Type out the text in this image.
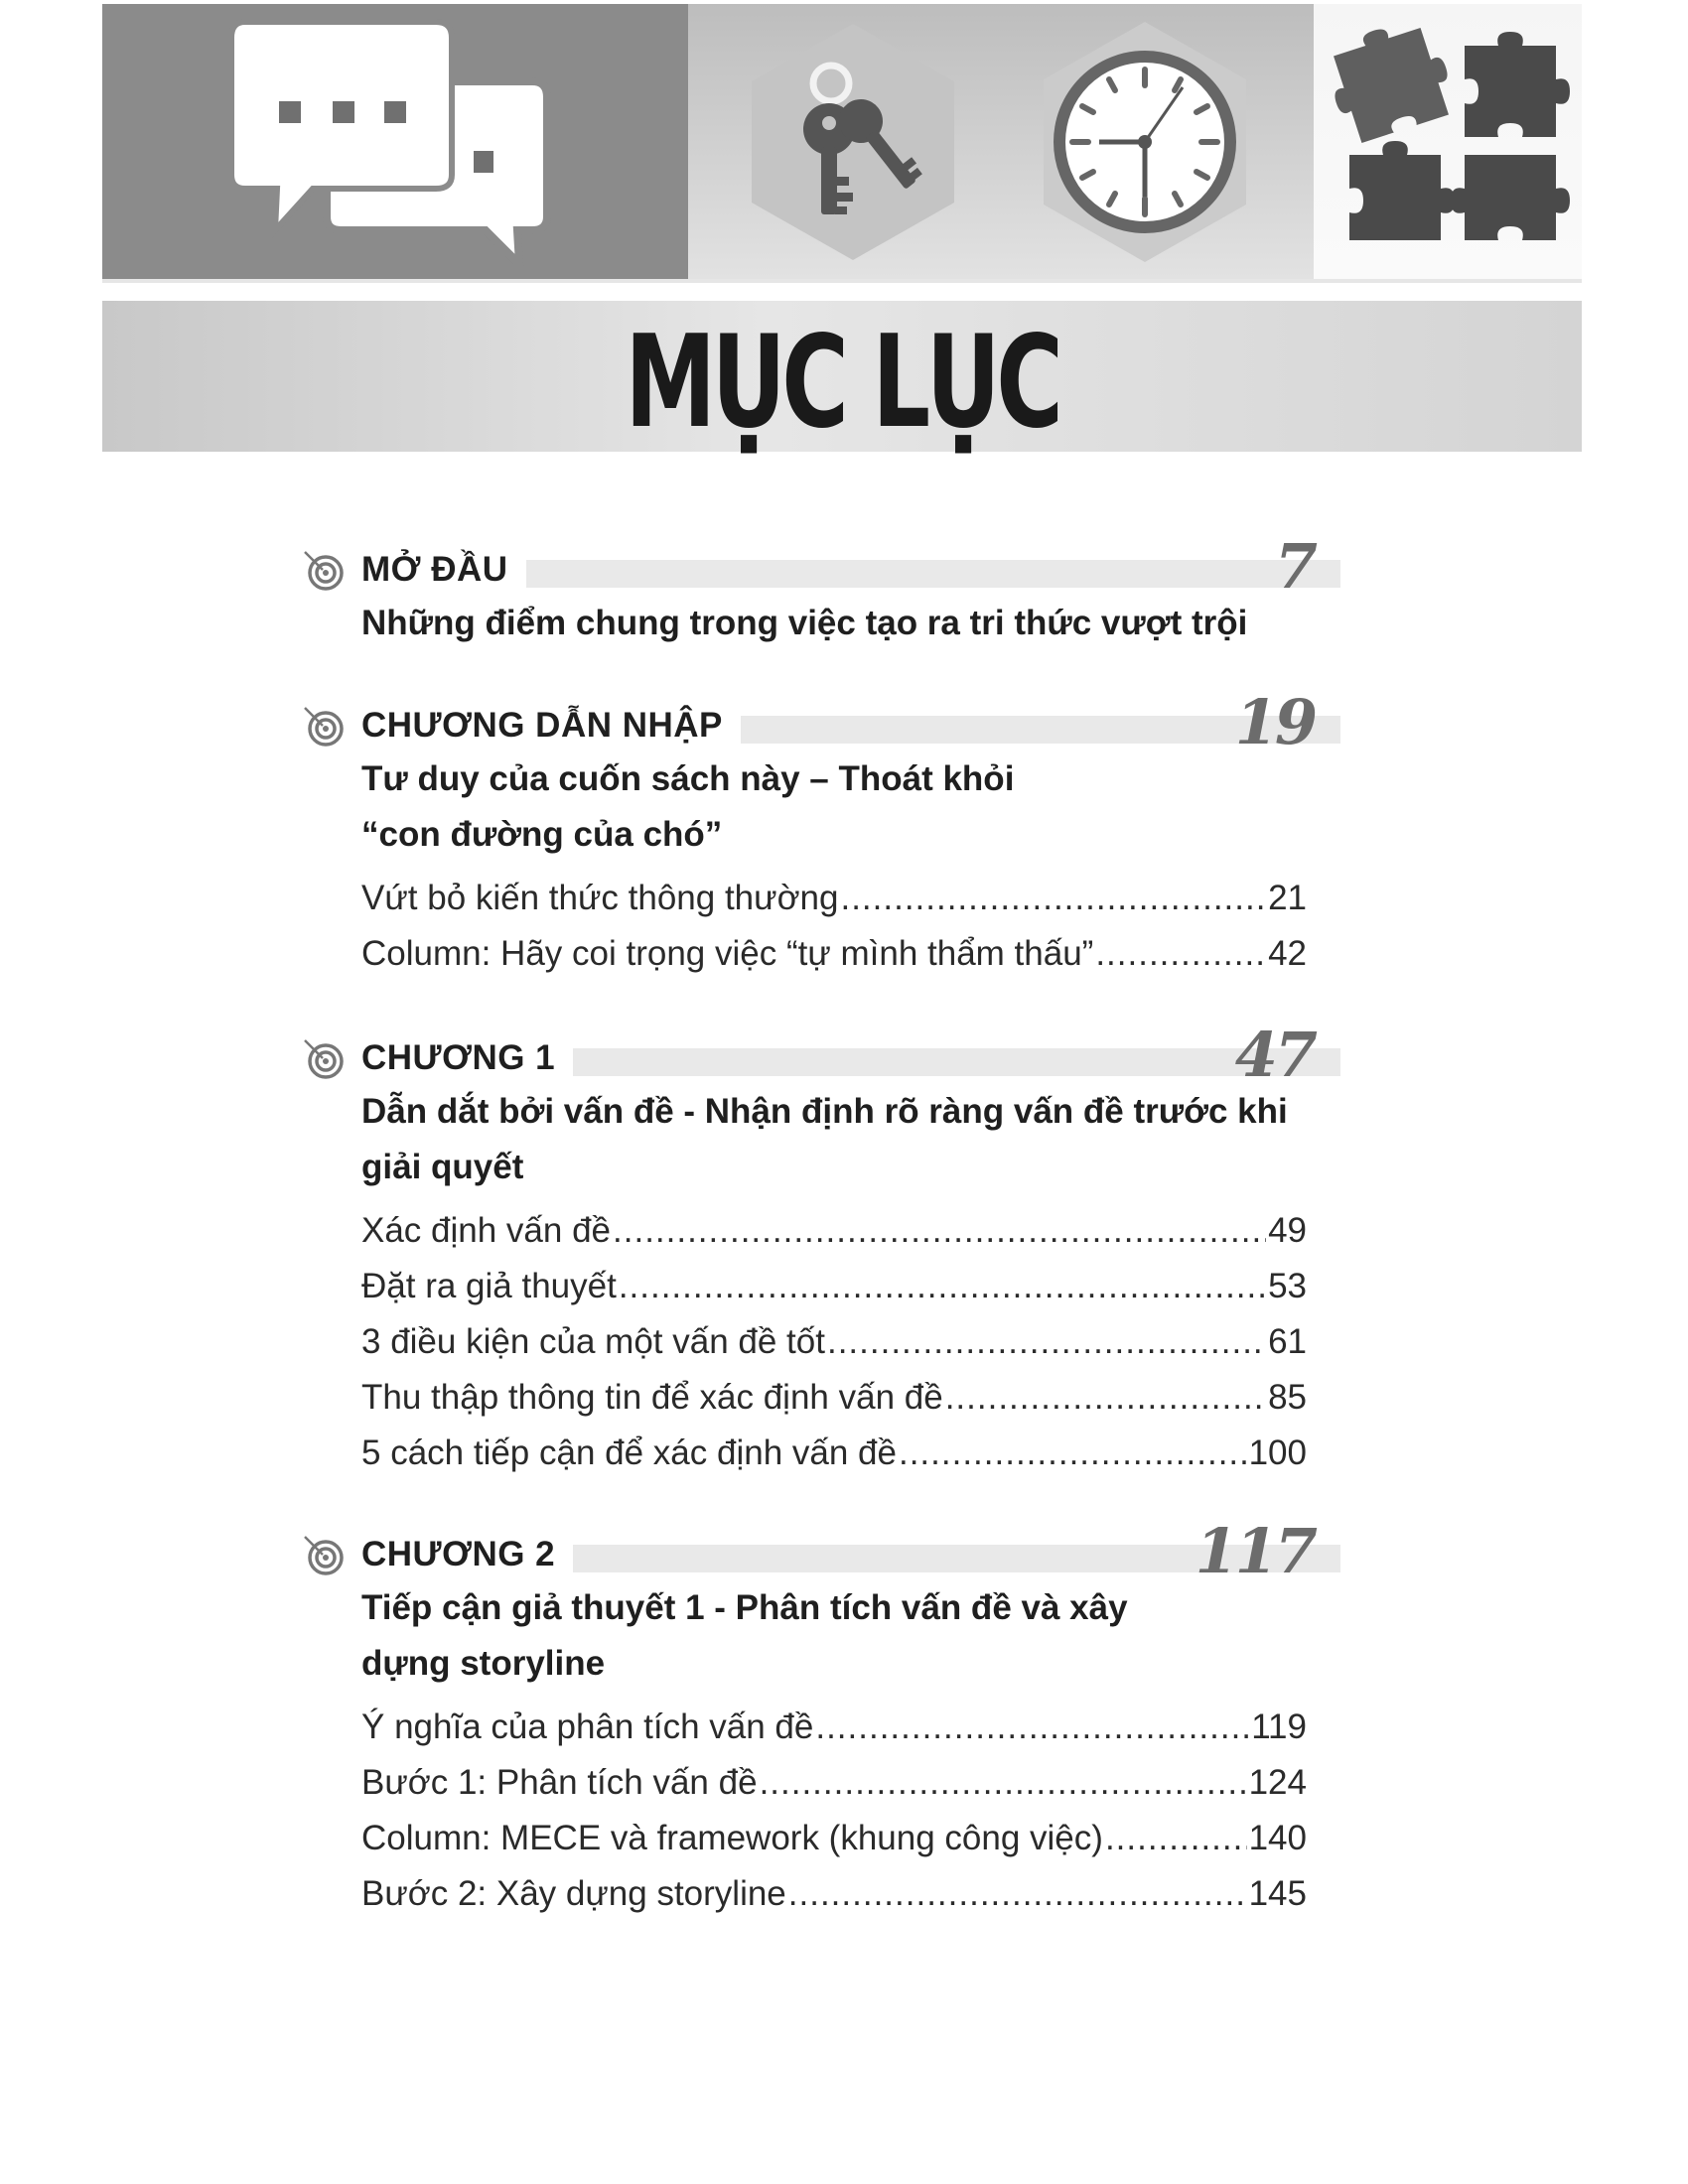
MỤC LỤC
MỞ ĐẦU	7
Những điểm chung trong việc tạo ra tri thức vượt trội
CHƯƠNG DẪN NHẬP	19
Tư duy của cuốn sách này – Thoát khỏi “con đường của chó”
Vứt bỏ kiến thức thông thường .....	21
Column: Hãy coi trọng việc “tự mình thẩm thấu” .....	42
CHƯƠNG 1	47
Dẫn dắt bởi vấn đề - Nhận định rõ ràng vấn đề trước khi giải quyết
Xác định vấn đề .....	49
Đặt ra giả thuyết .....	53
3 điều kiện của một vấn đề tốt .....	61
Thu thập thông tin để xác định vấn đề .....	85
5 cách tiếp cận để xác định vấn đề .....	100
CHƯƠNG 2	117
Tiếp cận giả thuyết 1 - Phân tích vấn đề và xây dựng storyline
Ý nghĩa của phân tích vấn đề .....	119
Bước 1: Phân tích vấn đề .....	124
Column: MECE và framework (khung công việc) .....	140
Bước 2: Xây dựng storyline .....	145
